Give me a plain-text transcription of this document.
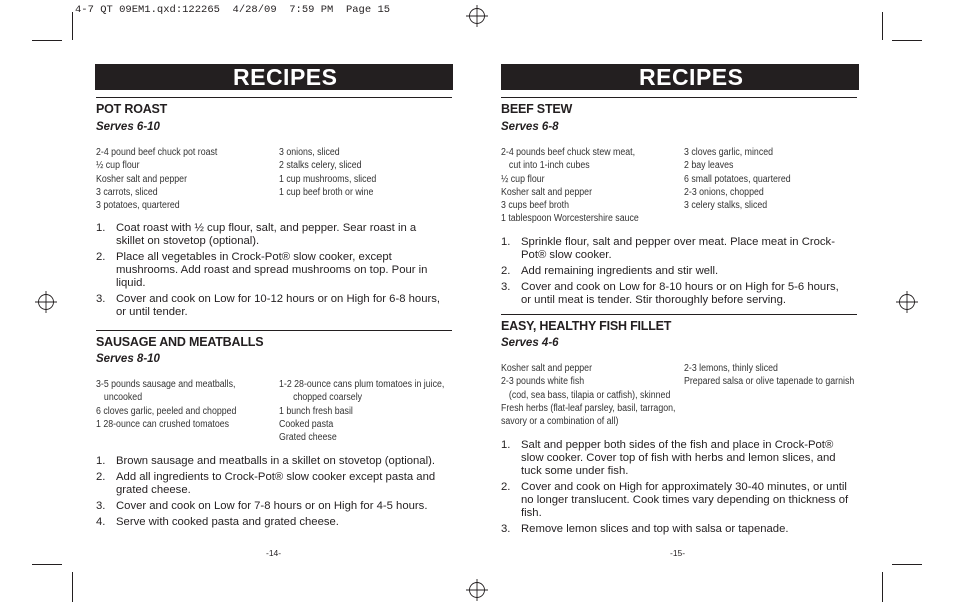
4-7 QT 09EM1.qxd:122265  4/28/09  7:59 PM  Page 15
RECIPES
POT ROAST
Serves 6-10
2-4 pound beef chuck pot roast
½ cup flour
Kosher salt and pepper
3 carrots, sliced
3 potatoes, quartered
3 onions, sliced
2 stalks celery, sliced
1 cup mushrooms, sliced
1 cup beef broth or wine
1. Coat roast with ½ cup flour, salt, and pepper. Sear roast in a skillet on stovetop (optional).
2. Place all vegetables in Crock-Pot® slow cooker, except mushrooms. Add roast and spread mushrooms on top. Pour in liquid.
3. Cover and cook on Low for 10-12 hours or on High for 6-8 hours, or until tender.
SAUSAGE AND MEATBALLS
Serves 8-10
3-5 pounds sausage and meatballs,
uncooked
6 cloves garlic, peeled and chopped
1 28-ounce can crushed tomatoes
1-2 28-ounce cans plum tomatoes in juice,
chopped coarsely
1 bunch fresh basil
Cooked pasta
Grated cheese
1. Brown sausage and meatballs in a skillet on stovetop (optional).
2. Add all ingredients to Crock-Pot® slow cooker except pasta and grated cheese.
3. Cover and cook on Low for 7-8 hours or on High for 4-5 hours.
4. Serve with cooked pasta and grated cheese.
-14-
RECIPES
BEEF STEW
Serves 6-8
2-4 pounds beef chuck stew meat,
cut into 1-inch cubes
½ cup flour
Kosher salt and pepper
3 cups beef broth
1 tablespoon Worcestershire sauce
3 cloves garlic, minced
2 bay leaves
6 small potatoes, quartered
2-3 onions, chopped
3 celery stalks, sliced
1. Sprinkle flour, salt and pepper over meat. Place meat in Crock-Pot® slow cooker.
2. Add remaining ingredients and stir well.
3. Cover and cook on Low for 8-10 hours or on High for 5-6 hours, or until meat is tender. Stir thoroughly before serving.
EASY, HEALTHY FISH FILLET
Serves 4-6
Kosher salt and pepper
2-3 pounds white fish
(cod, sea bass, tilapia or catfish), skinned
Fresh herbs (flat-leaf parsley, basil, tarragon,
savory or a combination of all)
2-3 lemons, thinly sliced
Prepared salsa or olive tapenade to garnish
1. Salt and pepper both sides of the fish and place in Crock-Pot® slow cooker. Cover top of fish with herbs and lemon slices, and tuck some under fish.
2. Cover and cook on High for approximately 30-40 minutes, or until no longer translucent. Cook times vary depending on thickness of fish.
3. Remove lemon slices and top with salsa or tapenade.
-15-
